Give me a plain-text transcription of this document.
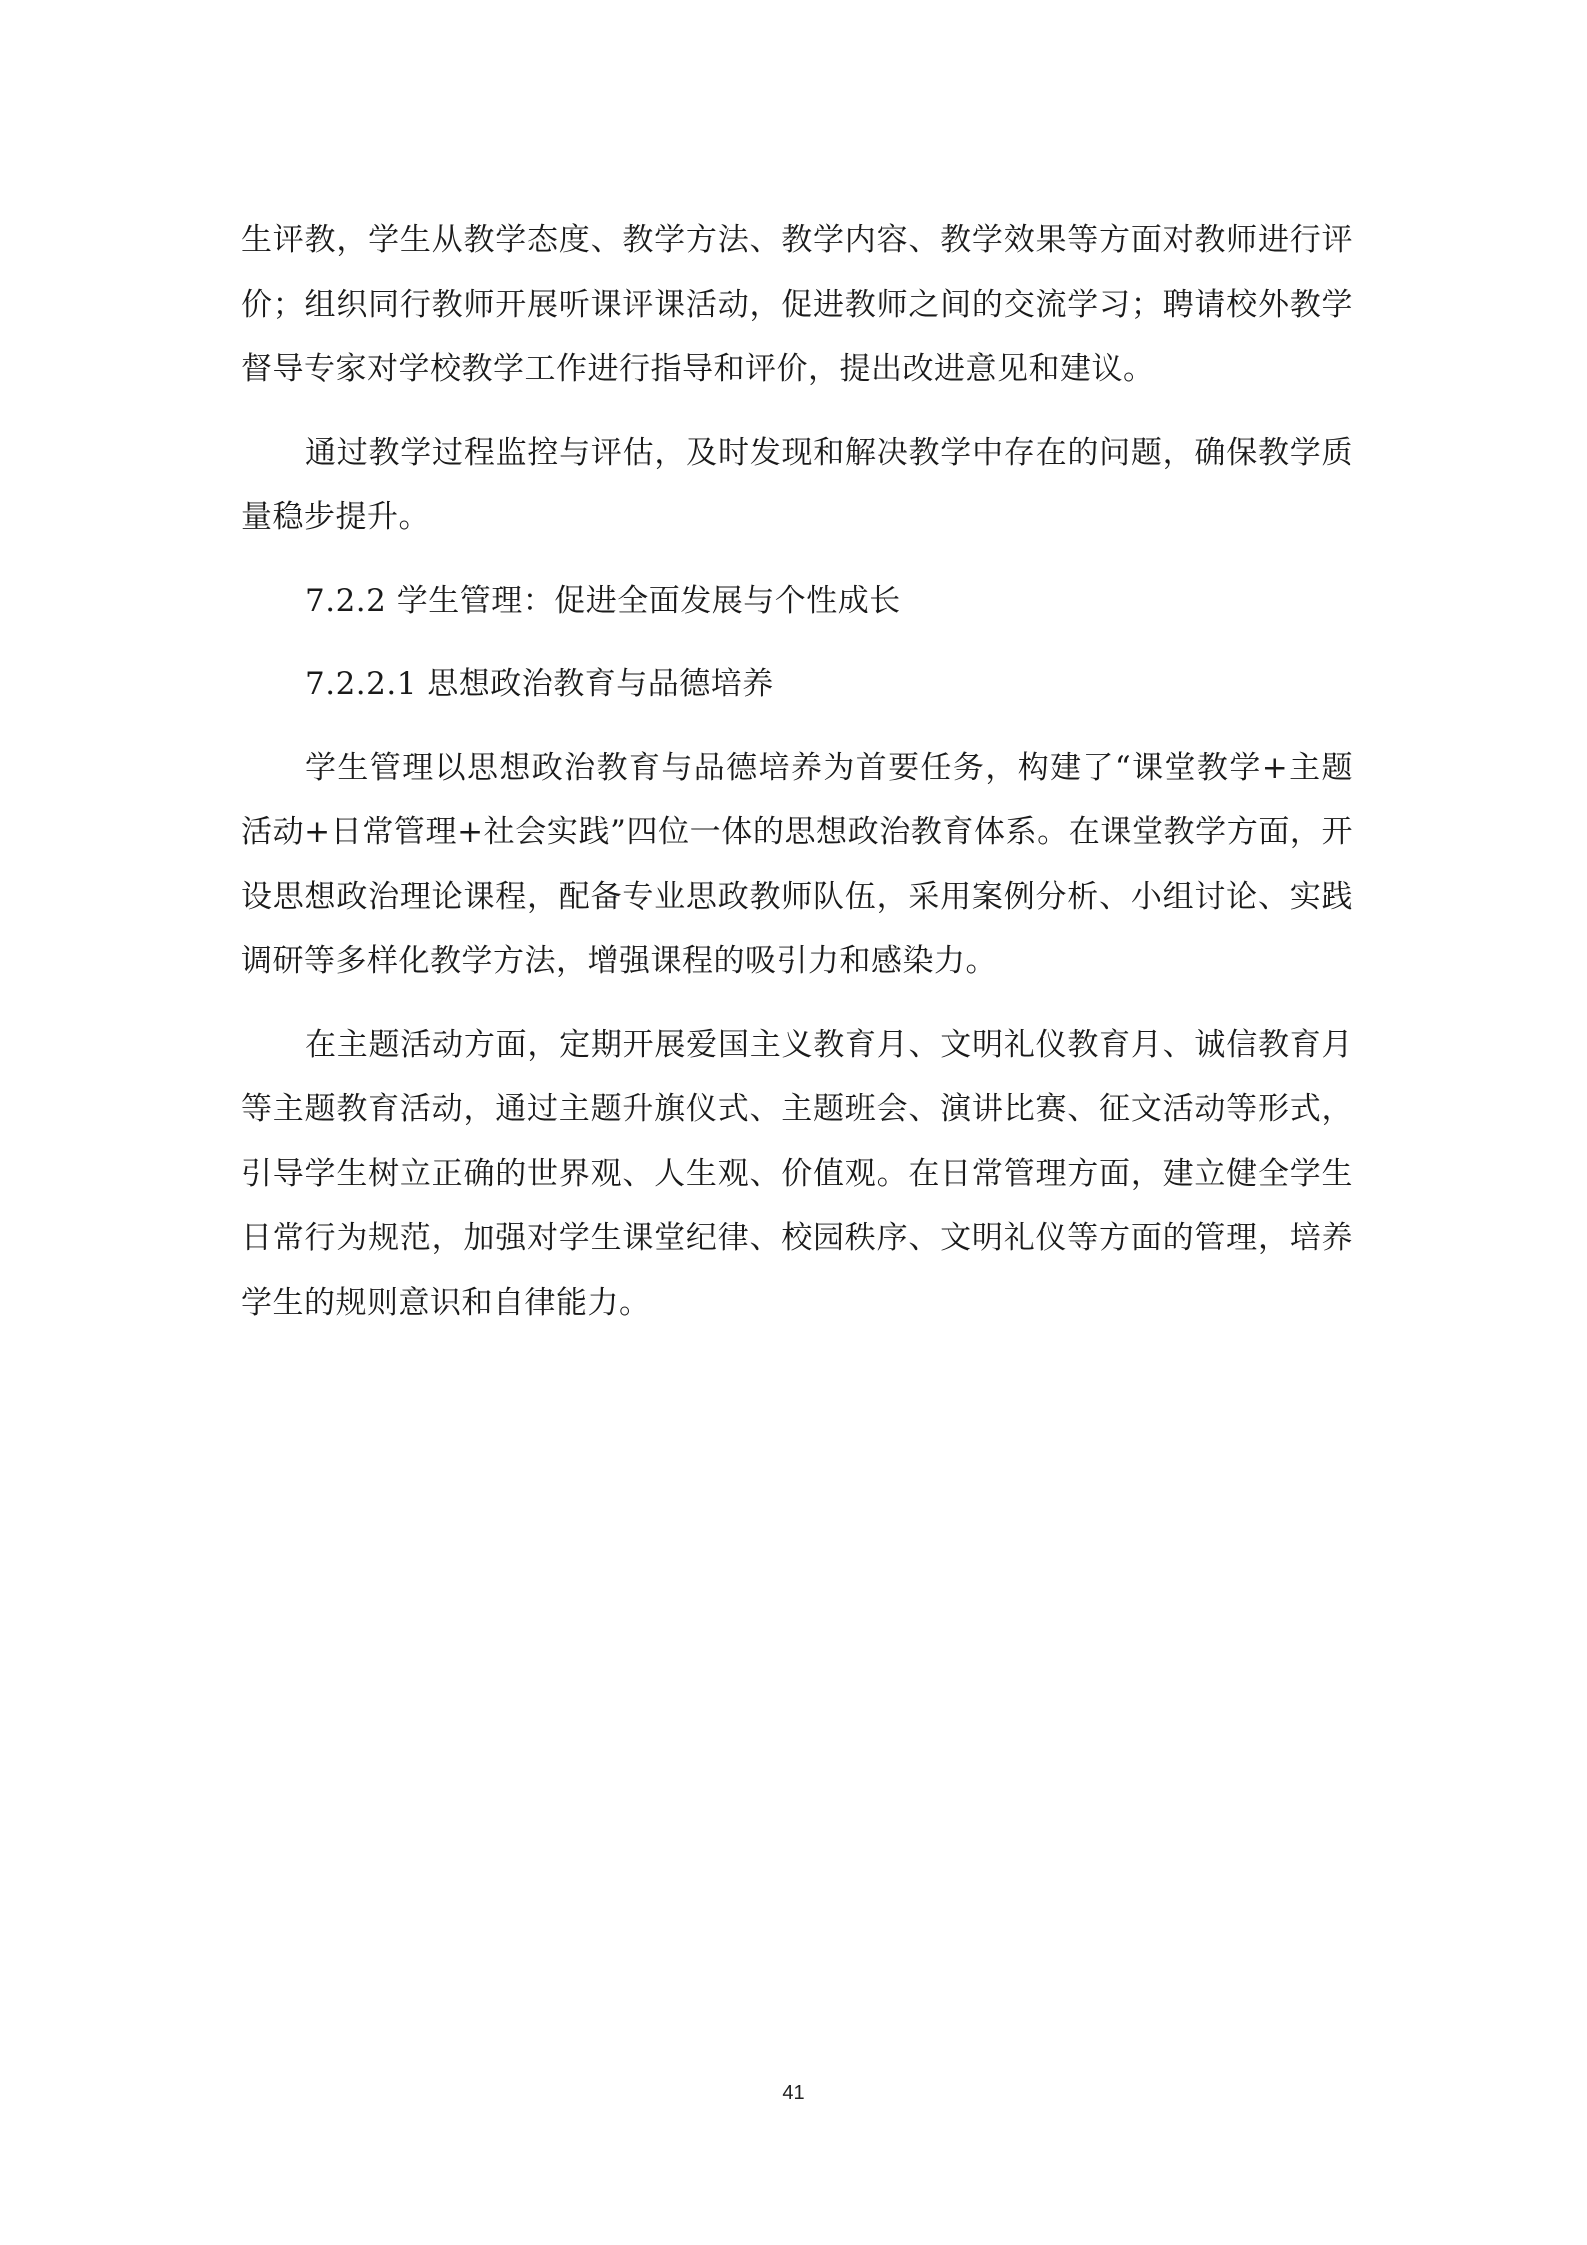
生评教，学生从教学态度、教学方法、教学内容、教学效果等方面对教师进行评价；组织同行教师开展听课评课活动，促进教师之间的交流学习；聘请校外教学督导专家对学校教学工作进行指导和评价，提出改进意见和建议。

通过教学过程监控与评估，及时发现和解决教学中存在的问题，确保教学质量稳步提升。

7.2.2 学生管理：促进全面发展与个性成长

7.2.2.1 思想政治教育与品德培养

学生管理以思想政治教育与品德培养为首要任务，构建了“课堂教学+主题活动+日常管理+社会实践”四位一体的思想政治教育体系。在课堂教学方面，开设思想政治理论课程，配备专业思政教师队伍，采用案例分析、小组讨论、实践调研等多样化教学方法，增强课程的吸引力和感染力。

在主题活动方面，定期开展爱国主义教育月、文明礼仪教育月、诚信教育月等主题教育活动，通过主题升旗仪式、主题班会、演讲比赛、征文活动等形式，引导学生树立正确的世界观、人生观、价值观。在日常管理方面，建立健全学生日常行为规范，加强对学生课堂纪律、校园秩序、文明礼仪等方面的管理，培养学生的规则意识和自律能力。

41
